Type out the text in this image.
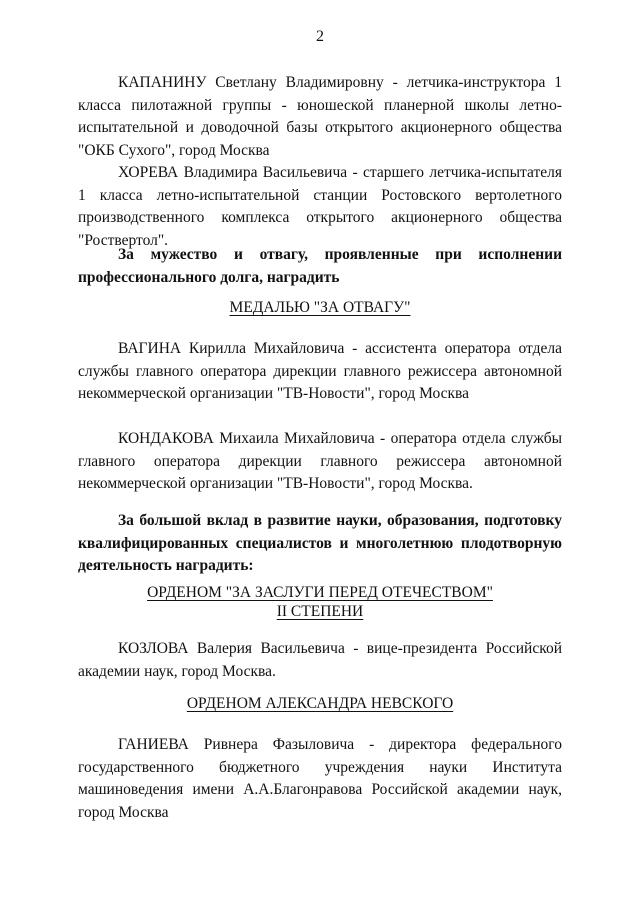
2

КАПАНИНУ Светлану Владимировну - летчика-инструктора 1 класса пилотажной группы - юношеской планерной школы летно-испытательной и доводочной базы открытого акционерного общества "ОКБ Сухого", город Москва

ХОРЕВА Владимира Васильевича - старшего летчика-испытателя 1 класса летно-испытательной станции Ростовского вертолетного производственного комплекса открытого акционерного общества "Роствертол".

За мужество и отвагу, проявленные при исполнении профессионального долга, наградить

МЕДАЛЬЮ "ЗА ОТВАГУ"

ВАГИНА Кирилла Михайловича - ассистента оператора отдела службы главного оператора дирекции главного режиссера автономной некоммерческой организации "ТВ-Новости", город Москва

КОНДАКОВА Михаила Михайловича - оператора отдела службы главного оператора дирекции главного режиссера автономной некоммерческой организации "ТВ-Новости", город Москва.

За большой вклад в развитие науки, образования, подготовку квалифицированных специалистов и многолетнюю плодотворную деятельность наградить:

ОРДЕНОМ "ЗА ЗАСЛУГИ ПЕРЕД ОТЕЧЕСТВОМ"

II СТЕПЕНИ

КОЗЛОВА Валерия Васильевича - вице-президента Российской академии наук, город Москва.

ОРДЕНОМ АЛЕКСАНДРА НЕВСКОГО

ГАНИЕВА Ривнера Фазыловича - директора федерального государственного бюджетного учреждения науки Института машиноведения имени А.А.Благонравова Российской академии наук, город Москва
